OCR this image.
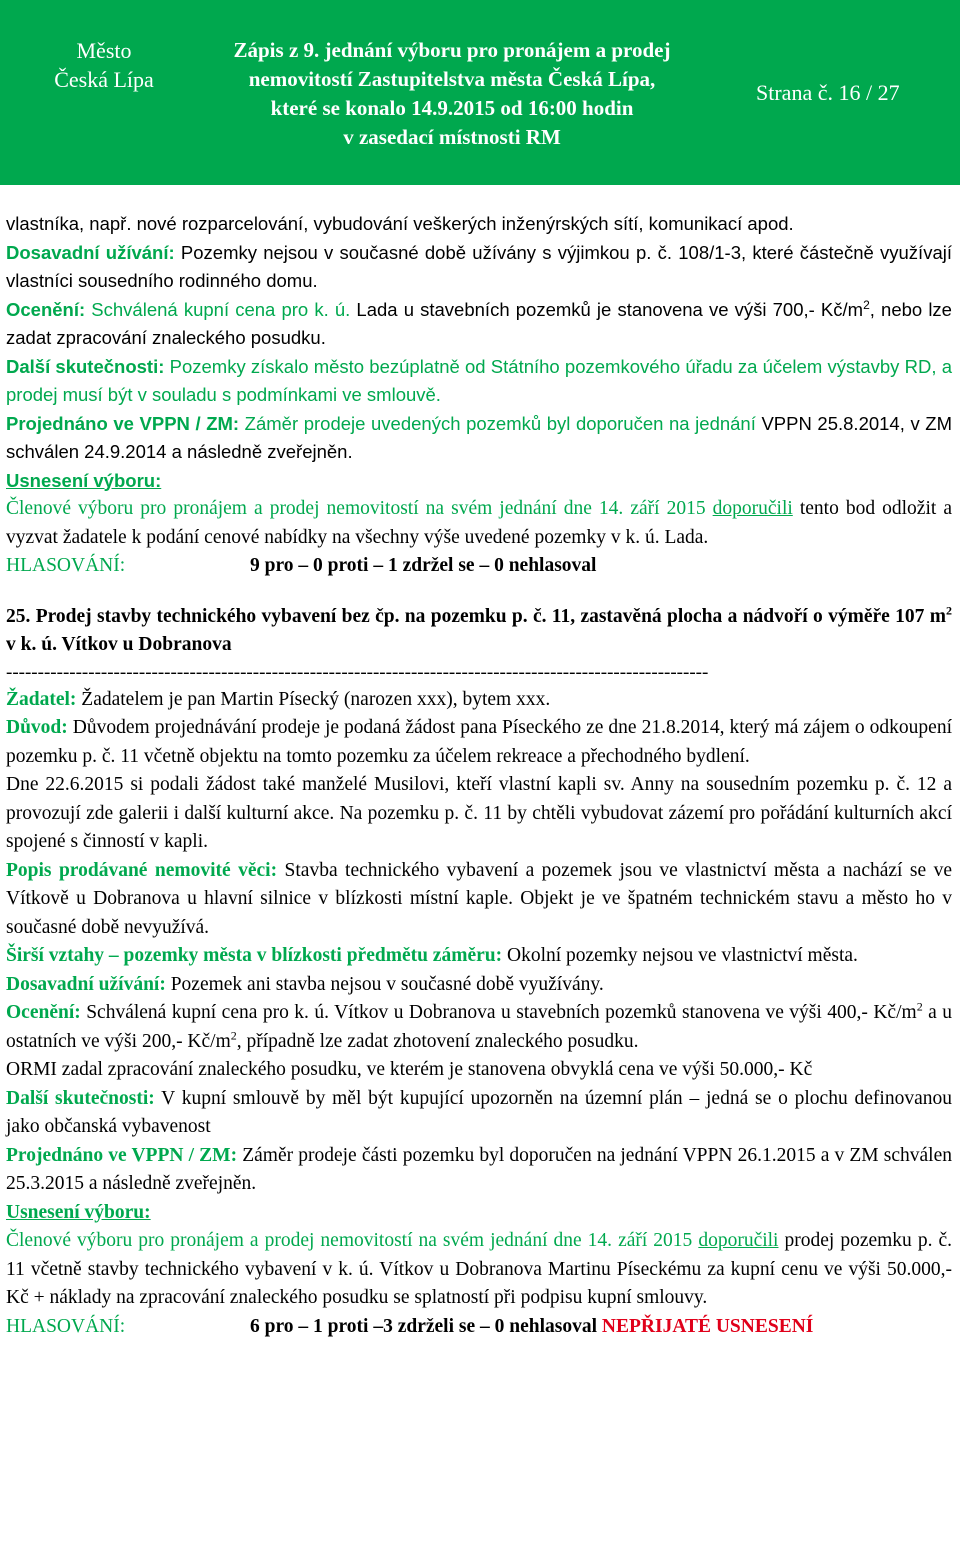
Město
Česká Lípa
Zápis z 9. jednání výboru pro pronájem a prodej
nemovitostí Zastupitelstva města Česká Lípa,
které se konalo 14.9.2015 od 16:00 hodin
v zasedací místnosti RM
Strana č. 16 / 27

vlastníka, např. nové rozparcelování, vybudování veškerých inženýrských sítí, komunikací apod.

Dosavadní užívání: Pozemky nejsou v současné době užívány s výjimkou p. č. 108/1-3, které částečně využívají vlastníci sousedního rodinného domu.

Ocenění: Schválená kupní cena pro k. ú. Lada u stavebních pozemků je stanovena ve výši 700,- $Kč/m^2$, nebo lze zadat zpracování znaleckého posudku.

Další skutečnosti: Pozemky získalo město bezúplatně od Státního pozemkového úřadu za účelem výstavby RD, a prodej musí být v souladu s podmínkami ve smlouvě.

Projednáno ve VPPN / ZM: Záměr prodeje uvedených pozemků byl doporučen na jednání VPPN 25.8.2014, v ZM schválen 24.9.2014 a následně zveřejněn.

Usnesení výboru:

Členové výboru pro pronájem a prodej nemovitostí na svém jednání dne 14. září 2015 doporučili tento bod odložit a vyzvat žadatele k podání cenové nabídky na všechny výše uvedené pozemky v k. ú. Lada.

HLASOVÁNÍ:	9 pro – 0 proti – 1 zdržel se – 0 nehlasoval

25. Prodej stavby technického vybavení bez čp. na pozemku p. č. 11, zastavěná plocha a nádvoří o výměře 107 $m^2$ v k. ú. Vítkov u Dobranova

---------------------------------------------------------------------------------------------------------------

Žadatel: Žadatelem je pan Martin Písecký (narozen xxx), bytem xxx.

Důvod: Důvodem projednávání prodeje je podaná žádost pana Píseckého ze dne 21.8.2014, který má zájem o odkoupení pozemku p. č. 11 včetně objektu na tomto pozemku za účelem rekreace a přechodného bydlení.

Dne 22.6.2015 si podali žádost také manželé Musilovi, kteří vlastní kapli sv. Anny na sousedním pozemku p. č. 12 a provozují zde galerii i další kulturní akce. Na pozemku p. č. 11 by chtěli vybudovat zázemí pro pořádání kulturních akcí spojené s činností v kapli.

Popis prodávané nemovité věci: Stavba technického vybavení a pozemek jsou ve vlastnictví města a nachází se ve Vítkově u Dobranova u hlavní silnice v blízkosti místní kaple. Objekt je ve špatném technickém stavu a město ho v současné době nevyužívá.

Širší vztahy – pozemky města v blízkosti předmětu záměru: Okolní pozemky nejsou ve vlastnictví města.

Dosavadní užívání: Pozemek ani stavba nejsou v současné době využívány.

Ocenění: Schválená kupní cena pro k. ú. Vítkov u Dobranova u stavebních pozemků stanovena ve výši 400,- $Kč/m^2$ a u ostatních ve výši 200,- $Kč/m^2$, případně lze zadat zhotovení znaleckého posudku.

ORMI zadal zpracování znaleckého posudku, ve kterém je stanovena obvyklá cena ve výši 50.000,- Kč

Další skutečnosti: V kupní smlouvě by měl být kupující upozorněn na územní plán – jedná se o plochu definovanou jako občanská vybavenost

Projednáno ve VPPN / ZM: Záměr prodeje části pozemku byl doporučen na jednání VPPN 26.1.2015 a v ZM schválen 25.3.2015 a následně zveřejněn.

Usnesení výboru:

Členové výboru pro pronájem a prodej nemovitostí na svém jednání dne 14. září 2015 doporučili prodej pozemku p. č. 11 včetně stavby technického vybavení v k. ú. Vítkov u Dobranova Martinu Píseckému za kupní cenu ve výši 50.000,- Kč + náklady na zpracování znaleckého posudku se splatností při podpisu kupní smlouvy.

HLASOVÁNÍ:	6 pro – 1 proti –3 zdrželi se – 0 nehlasoval
NEPŘIJATÉ USNESENÍ
